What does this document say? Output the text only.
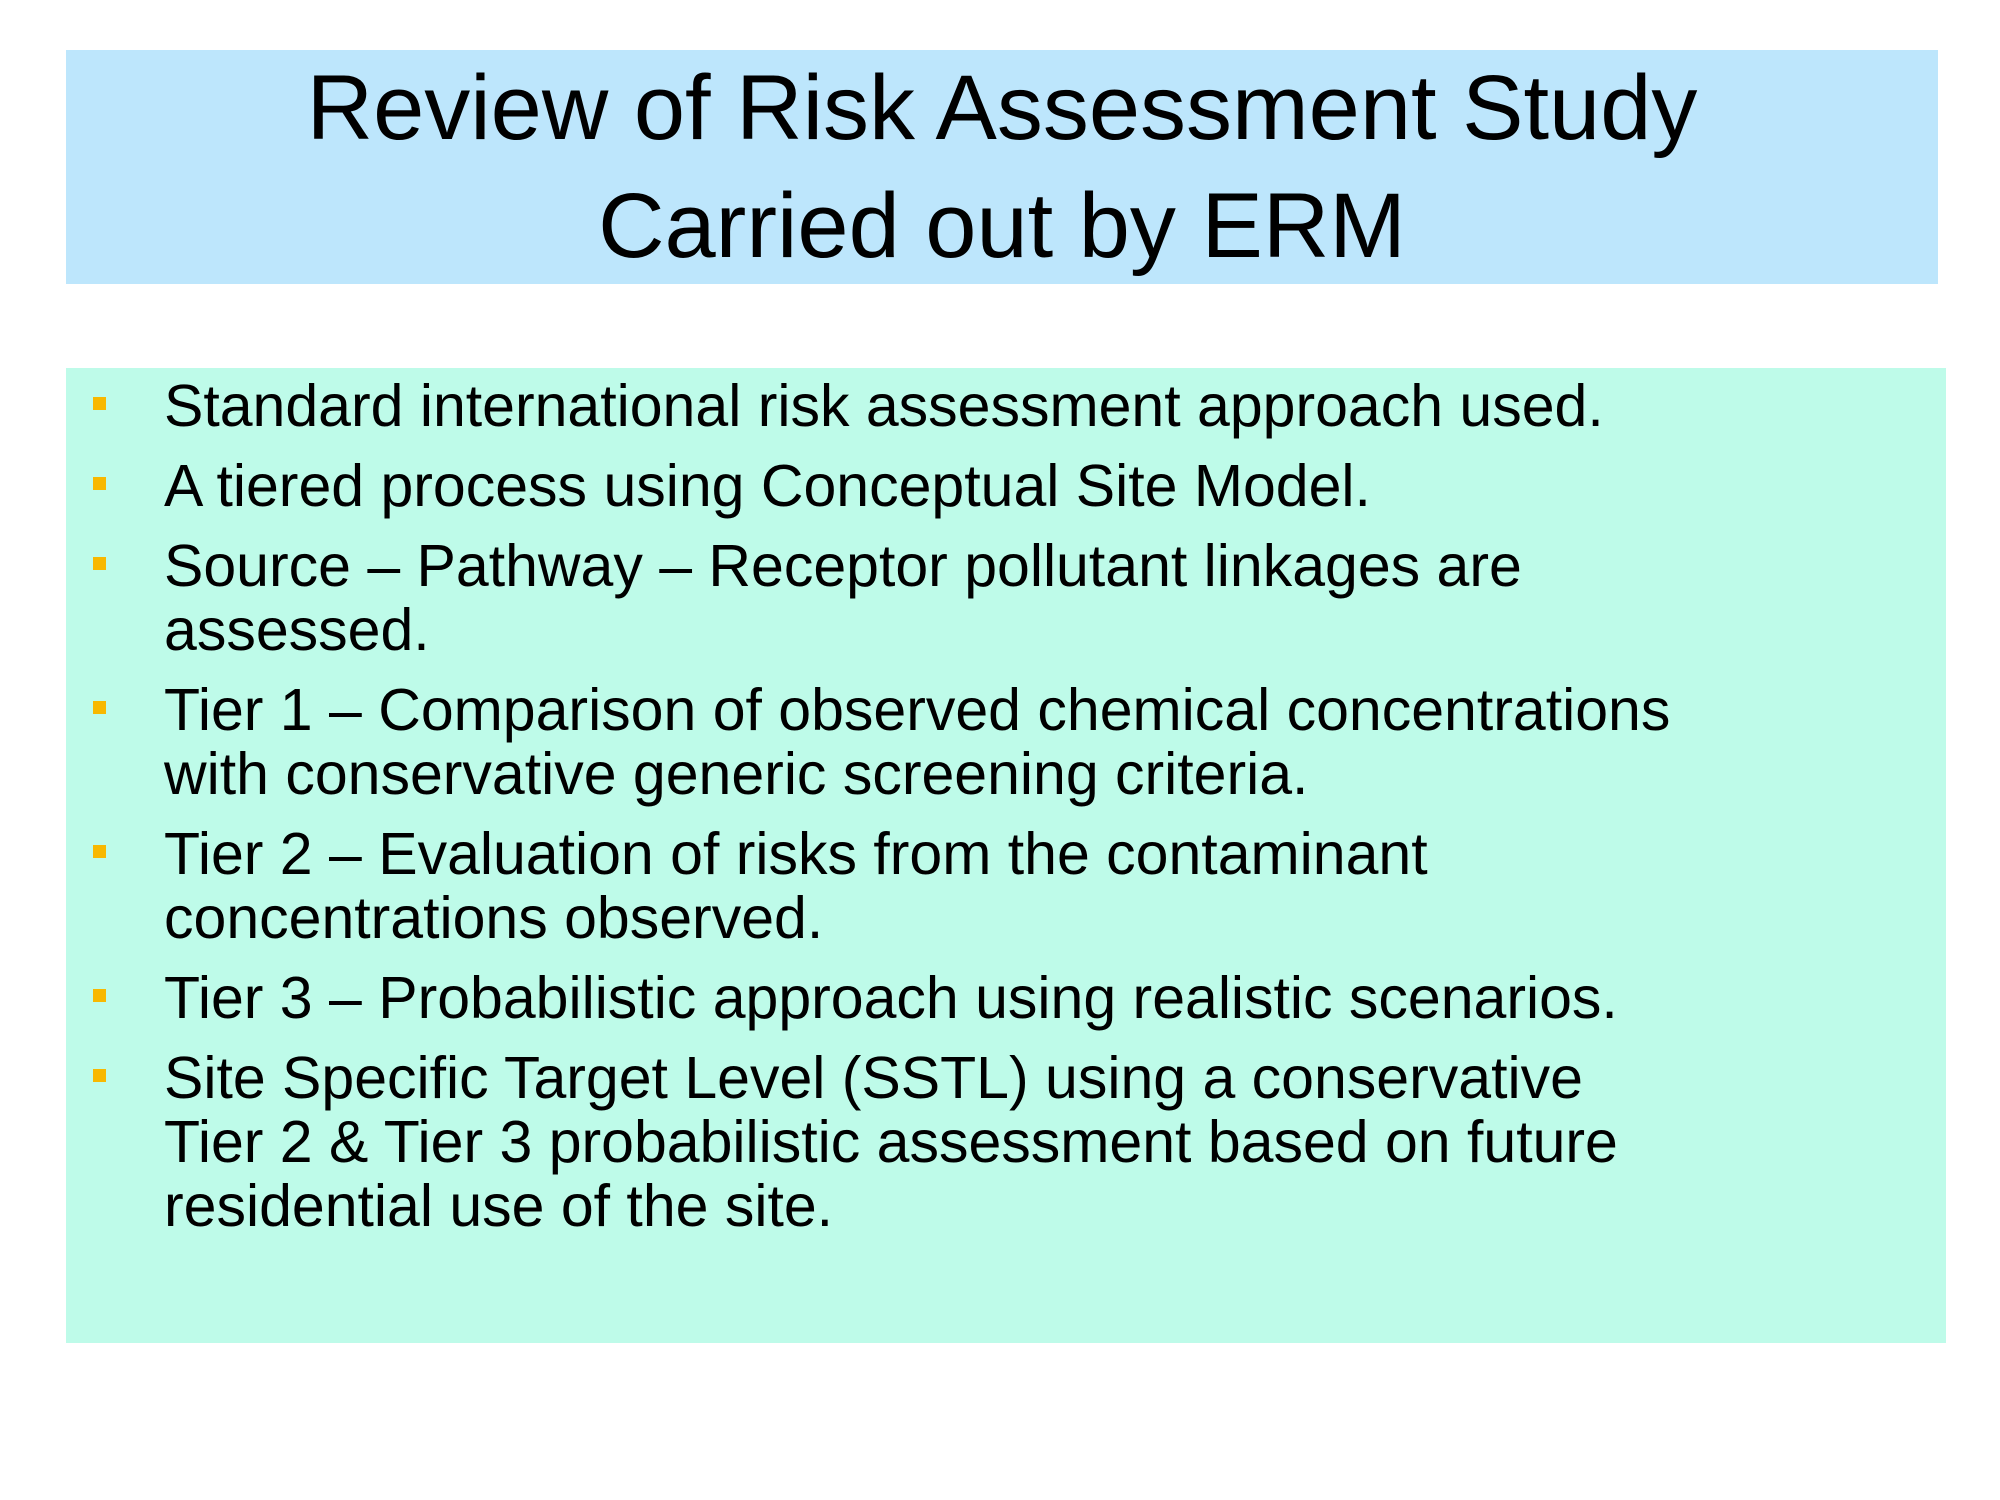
Review of Risk Assessment Study
Carried out by ERM
Standard international risk assessment approach used.
A tiered process using Conceptual Site Model.
Source – Pathway – Receptor pollutant linkages are
assessed.
Tier 1 – Comparison of observed chemical concentrations
with conservative generic screening criteria.
Tier 2 – Evaluation of risks from the contaminant
concentrations observed.
Tier 3 – Probabilistic approach using realistic scenarios.
Site Specific Target Level (SSTL) using a conservative
Tier 2 & Tier 3 probabilistic assessment based on future
residential use of the site.
